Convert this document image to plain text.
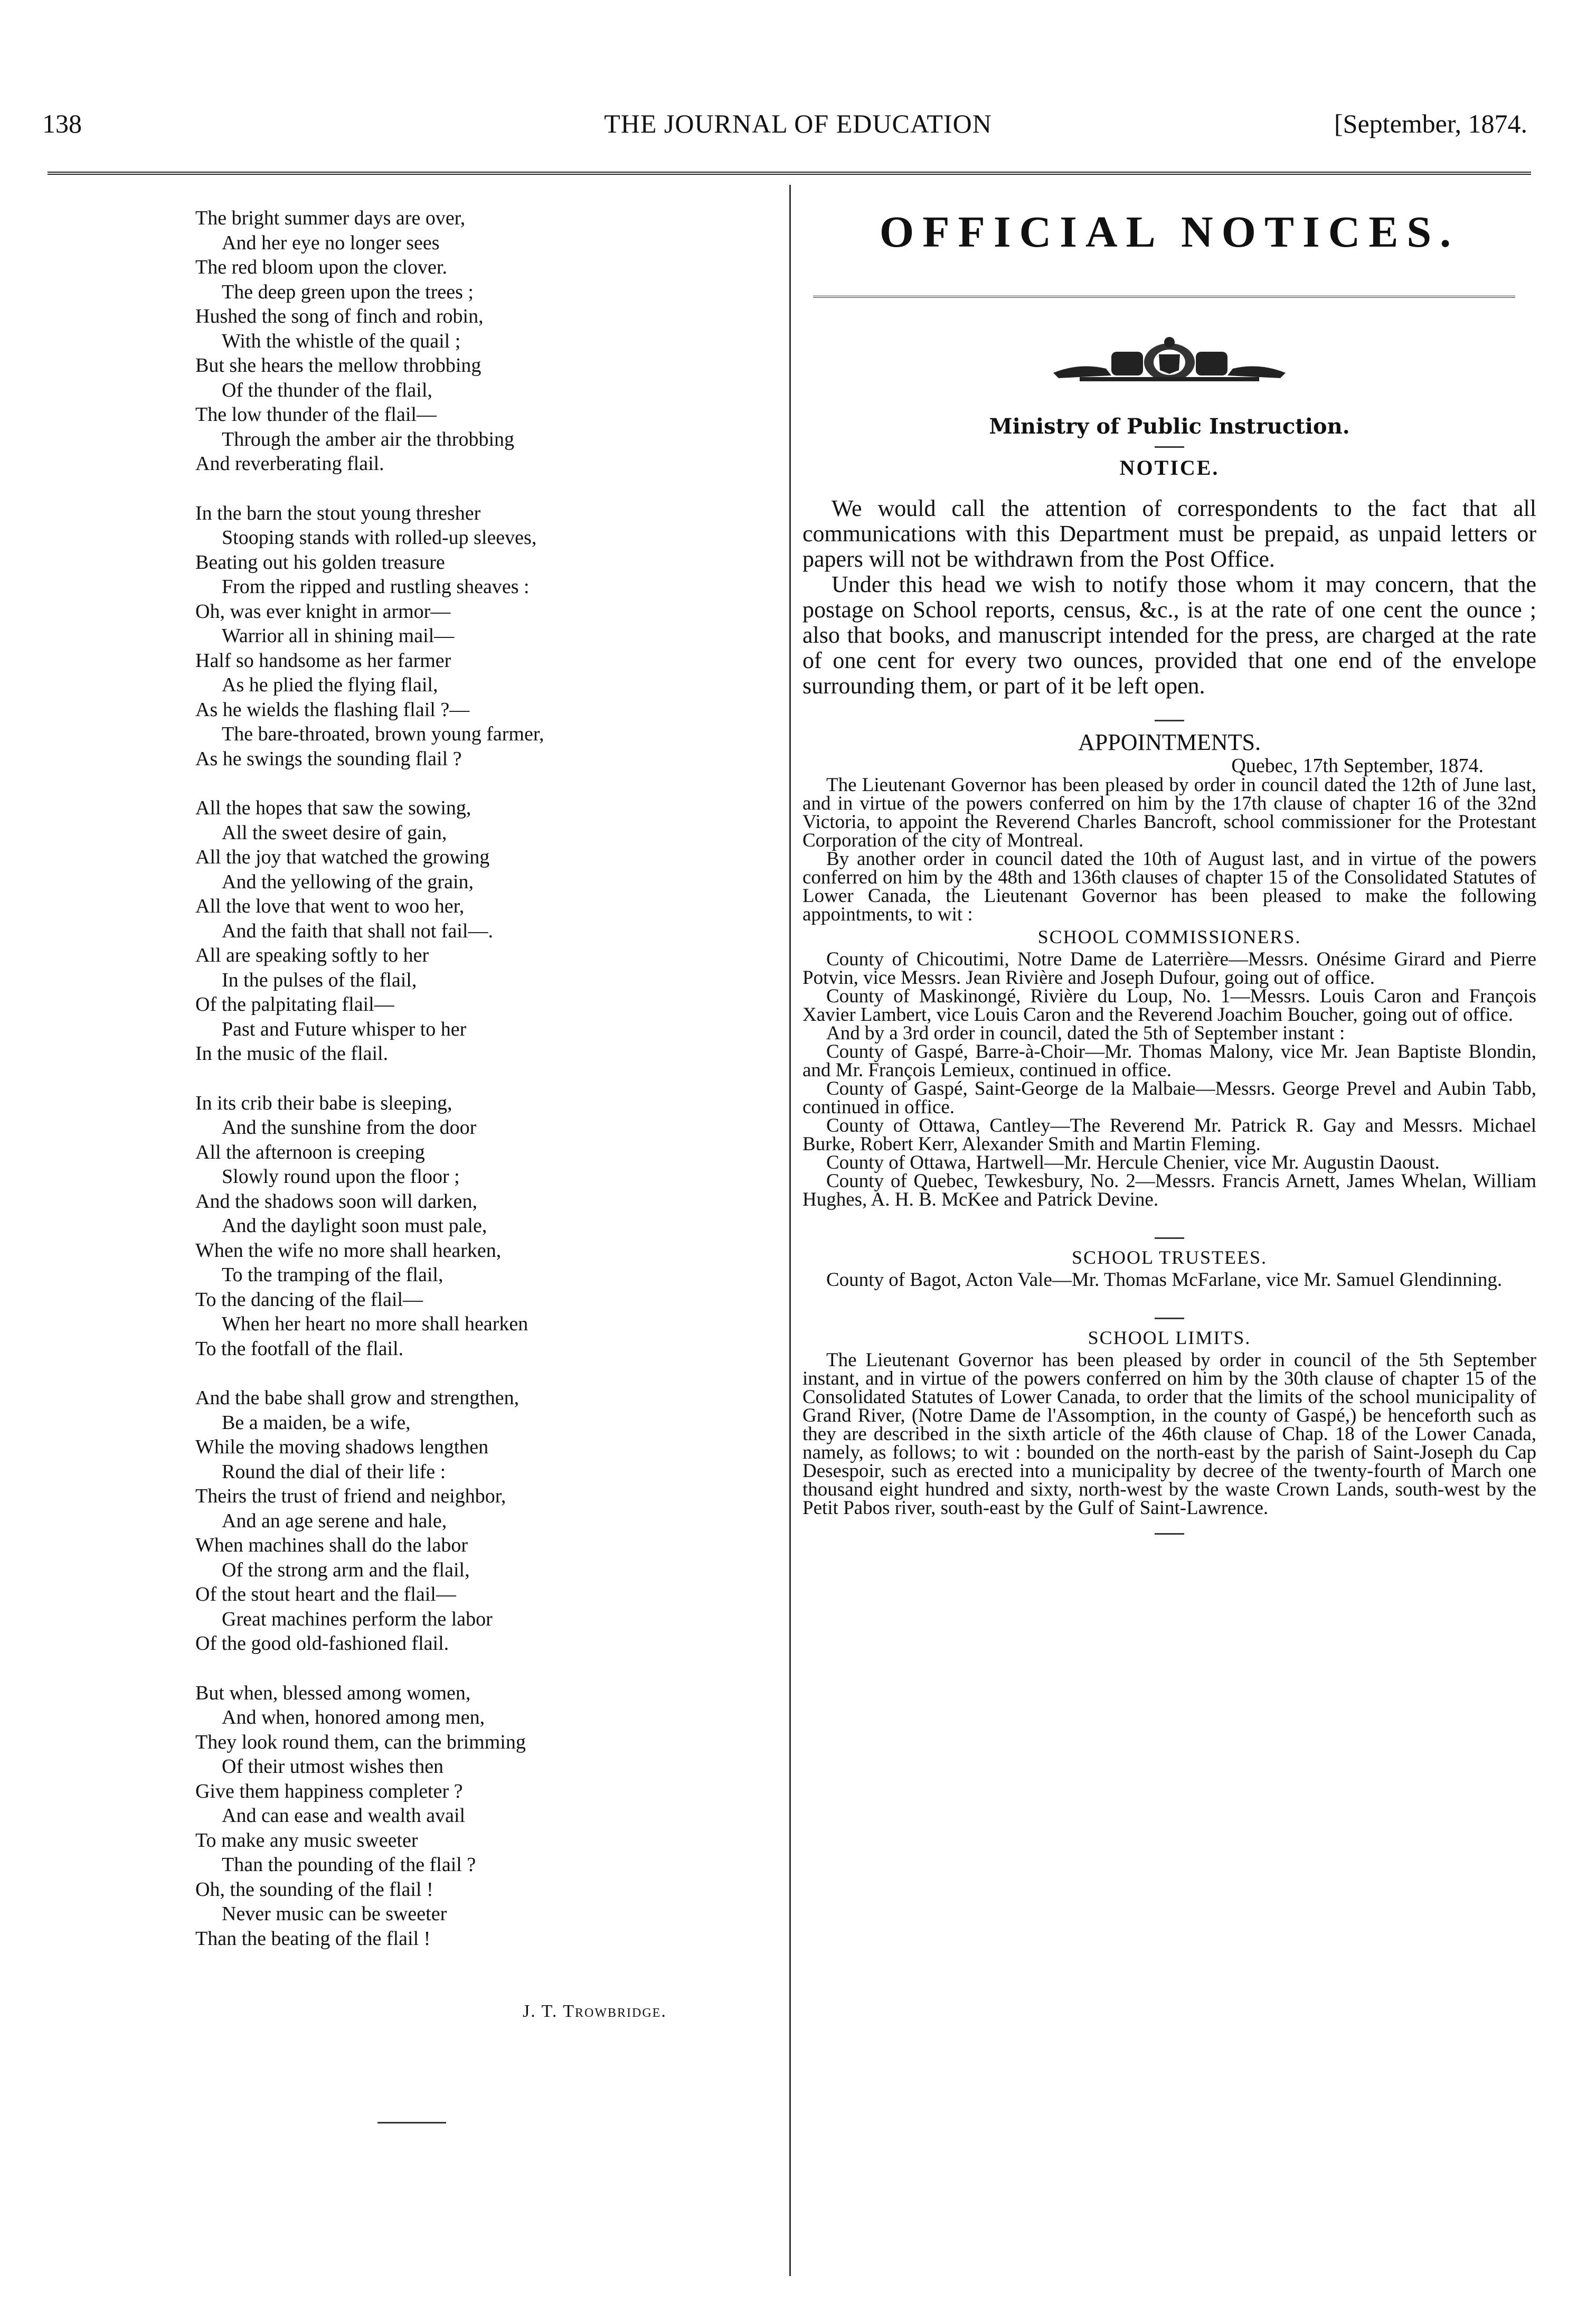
138	THE JOURNAL OF EDUCATION	[September, 1874.
The bright summer days are over,
And her eye no longer sees
The red bloom upon the clover.
The deep green upon the trees ;
Hushed the song of finch and robin,
With the whistle of the quail ;
But she hears the mellow throbbing
Of the thunder of the flail,
The low thunder of the flail—
Through the amber air the throbbing
And reverberating flail.
In the barn the stout young thresher
Stooping stands with rolled-up sleeves,
Beating out his golden treasure
From the ripped and rustling sheaves :
Oh, was ever knight in armor—
Warrior all in shining mail—
Half so handsome as her farmer
As he plied the flying flail,
As he wields the flashing flail ?—
The bare-throated, brown young farmer,
As he swings the sounding flail ?
All the hopes that saw the sowing,
All the sweet desire of gain,
All the joy that watched the growing
And the yellowing of the grain,
All the love that went to woo her,
And the faith that shall not fail—.
All are speaking softly to her
In the pulses of the flail,
Of the palpitating flail—
Past and Future whisper to her
In the music of the flail.
In its crib their babe is sleeping,
And the sunshine from the door
All the afternoon is creeping
Slowly round upon the floor ;
And the shadows soon will darken,
And the daylight soon must pale,
When the wife no more shall hearken,
To the tramping of the flail,
To the dancing of the flail—
When her heart no more shall hearken
To the footfall of the flail.
And the babe shall grow and strengthen,
Be a maiden, be a wife,
While the moving shadows lengthen
Round the dial of their life :
Theirs the trust of friend and neighbor,
And an age serene and hale,
When machines shall do the labor
Of the strong arm and the flail,
Of the stout heart and the flail—
Great machines perform the labor
Of the good old-fashioned flail.
But when, blessed among women,
And when, honored among men,
They look round them, can the brimming
Of their utmost wishes then
Give them happiness completer ?
And can ease and wealth avail
To make any music sweeter
Than the pounding of the flail ?
Oh, the sounding of the flail !
Never music can be sweeter
Than the beating of the flail !
J. T. Trowbridge.
OFFICIAL NOTICES.
Ministry of Public Instruction.
NOTICE.

We would call the attention of correspondents to the fact that all communications with this Department must be prepaid, as unpaid letters or papers will not be withdrawn from the Post Office.

Under this head we wish to notify those whom it may concern, that the postage on School reports, census, &c., is at the rate of one cent the ounce ; also that books, and manuscript intended for the press, are charged at the rate of one cent for every two ounces, provided that one end of the envelope surrounding them, or part of it be left open.

APPOINTMENTS.
Quebec, 17th September, 1874.

The Lieutenant Governor has been pleased by order in council dated the 12th of June last, and in virtue of the powers conferred on him by the 17th clause of chapter 16 of the 32nd Victoria, to appoint the Reverend Charles Bancroft, school commissioner for the Protestant Corporation of the city of Montreal.

By another order in council dated the 10th of August last, and in virtue of the powers conferred on him by the 48th and 136th clauses of chapter 15 of the Consolidated Statutes of Lower Canada, the Lieutenant Governor has been pleased to make the following appointments, to wit :

SCHOOL COMMISSIONERS.

County of Chicoutimi, Notre Dame de Laterrière—Messrs. Onésime Girard and Pierre Potvin, vice Messrs. Jean Rivière and Joseph Dufour, going out of office.

County of Maskinongé, Rivière du Loup, No. 1—Messrs. Louis Caron and François Xavier Lambert, vice Louis Caron and the Reverend Joachim Boucher, going out of office.

And by a 3rd order in council, dated the 5th of September instant :

County of Gaspé, Barre-à-Choir—Mr. Thomas Malony, vice Mr. Jean Baptiste Blondin, and Mr. François Lemieux, continued in office.

County of Gaspé, Saint-George de la Malbaie—Messrs. George Prevel and Aubin Tabb, continued in office.

County of Ottawa, Cantley—The Reverend Mr. Patrick R. Gay and Messrs. Michael Burke, Robert Kerr, Alexander Smith and Martin Fleming.

County of Ottawa, Hartwell—Mr. Hercule Chenier, vice Mr. Augustin Daoust.

County of Quebec, Tewkesbury, No. 2—Messrs. Francis Arnett, James Whelan, William Hughes, A. H. B. McKee and Patrick Devine.

SCHOOL TRUSTEES.

County of Bagot, Acton Vale—Mr. Thomas McFarlane, vice Mr. Samuel Glendinning.

SCHOOL LIMITS.

The Lieutenant Governor has been pleased by order in council of the 5th September instant, and in virtue of the powers conferred on him by the 30th clause of chapter 15 of the Consolidated Statutes of Lower Canada, to order that the limits of the school municipality of Grand River, (Notre Dame de l'Assomption, in the county of Gaspé,) be henceforth such as they are described in the sixth article of the 46th clause of Chap. 18 of the Lower Canada, namely, as follows; to wit : bounded on the north-east by the parish of Saint-Joseph du Cap Desespoir, such as erected into a municipality by decree of the twenty-fourth of March one thousand eight hundred and sixty, north-west by the waste Crown Lands, south-west by the Petit Pabos river, south-east by the Gulf of Saint-Lawrence.
